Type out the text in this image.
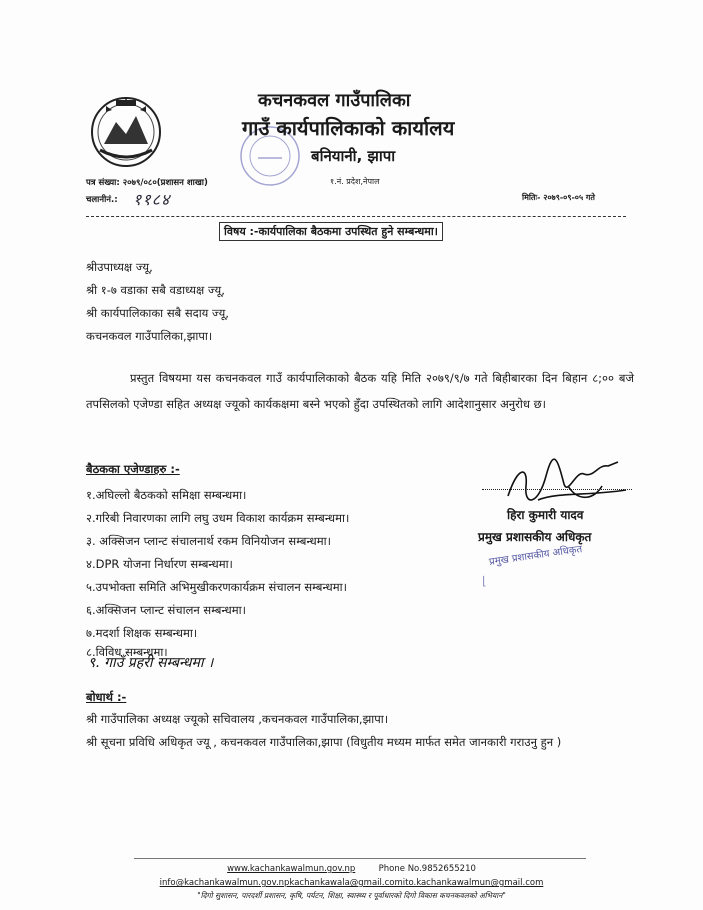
कचनकवल गाउँपालिका
गाउँ कार्यपालिकाको कार्यालय
बनियानी, झापा
१.नं. प्रदेश,नेपाल
पत्र संख्या: २०७९/०८०(प्रशासन शाखा)
चलानीनं.: ११८४	मितिः- २०७९-०९-०५ गते
विषय :-कार्यपालिका बैठकमा उपस्थित हुने सम्बन्धमा।
श्रीउपाध्यक्ष ज्यू,
श्री १-७ वडाका सबै वडाध्यक्ष ज्यू,
श्री कार्यपालिकाका सबै सदाय ज्यू,
कचनकवल गाउँपालिका,झापा।

प्रस्तुत विषयमा यस कचनकवल गाउँ कार्यपालिकाको बैठक यहि मिति २०७९/९/७ गते बिहीबारका दिन बिहान ८;०० बजे तपसिलको एजेण्डा सहित अध्यक्ष ज्यूको कार्यकक्षमा बस्ने भएको हुँदा उपस्थितको लागि आदेशानुसार अनुरोध छ।

बैठकका एजेण्डाहरु :-
१.अघिल्लो बैठकको समिक्षा सम्बन्धमा।
२.गरिबी निवारणका लागि लघु उधम विकाश कार्यक्रम सम्बन्धमा।
३. अक्सिजन प्लान्ट संचालनार्थ रकम विनियोजन सम्बन्धमा।
४.DPR योजना निर्धारण सम्बन्धमा।
५.उपभोक्ता समिति अभिमुखीकरणकार्यक्रम संचालन सम्बन्धमा।
६.अक्सिजन प्लान्ट संचालन सम्बन्धमा।
७.मदर्शा शिक्षक सम्बन्धमा।
८.विविध सम्बन्धमा।
९. गाउँ प्रहरी सम्बन्धमा ।
बोधार्थ :-
श्री गाउँपालिका अध्यक्ष ज्यूको सचिवालय ,कचनकवल गाउँपालिका,झापा।
श्री सूचना प्रविधि अधिकृत ज्यू , कचनकवल गाउँपालिका,झापा (विधुतीय मध्यम मार्फत समेत जानकारी गराउनु हुन )
हिरा कुमारी यादव
प्रमुख प्रशासकीय अधिकृत
प्रमुख प्रशासकीय अधिकृत
⌊
www.kachankawalmun.gov.np	Phone No.9852655210
info@kachankawalmun.gov.npkachankawala@gmail.comito.kachankawalmun@gmail.com
"दिगो सुशासन, पारदर्शी प्रशासन, कृषि, पर्यटन, शिक्षा, स्वास्थ्य र पूर्वाधारको दिगो विकास कचनकवलको अभियान"
